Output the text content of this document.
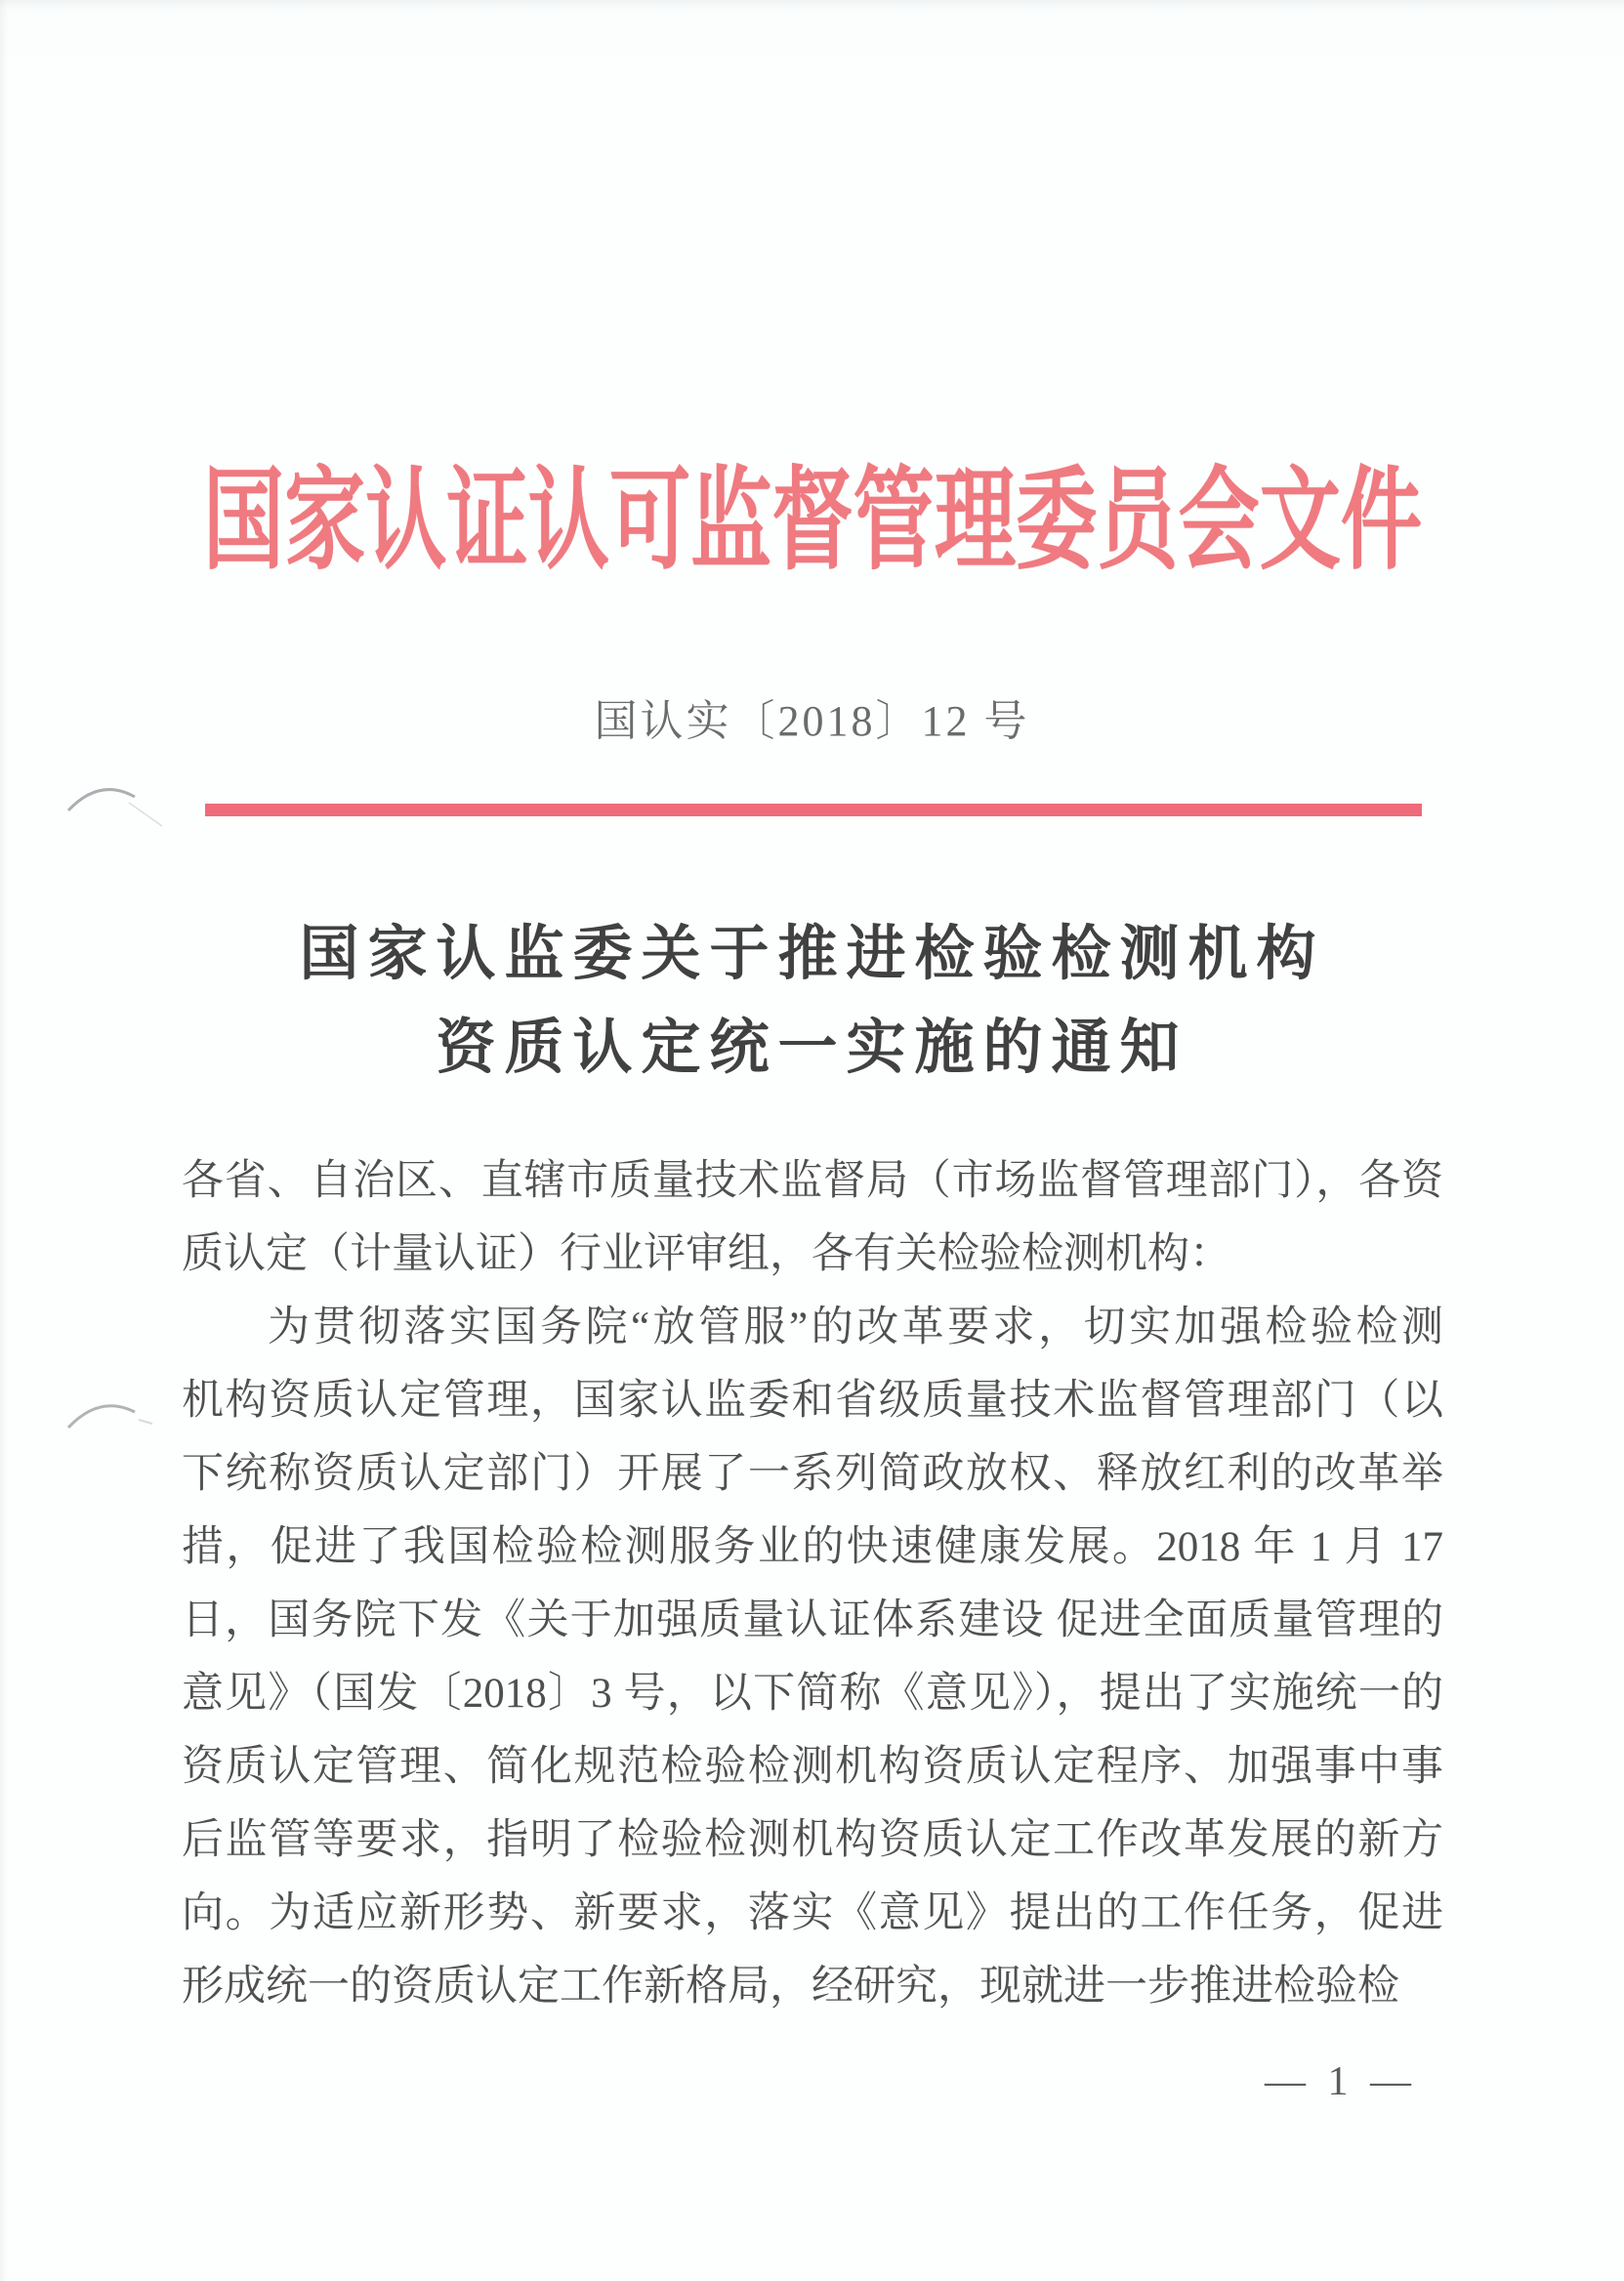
国家认证认可监督管理委员会文件
国认实〔2018〕12 号
国家认监委关于推进检验检测机构
资质认定统一实施的通知
各省、自治区、直辖市质量技术监督局（市场监督管理部门），各资
质认定（计量认证）行业评审组，各有关检验检测机构：
为贯彻落实国务院“放管服”的改革要求，切实加强检验检测
机构资质认定管理，国家认监委和省级质量技术监督管理部门（以
下统称资质认定部门）开展了一系列简政放权、释放红利的改革举
措，促进了我国检验检测服务业的快速健康发展。2018 年 1 月 17
日，国务院下发《关于加强质量认证体系建设 促进全面质量管理的
意见》（国发〔2018〕3 号，以下简称《意见》），提出了实施统一的
资质认定管理、简化规范检验检测机构资质认定程序、加强事中事
后监管等要求，指明了检验检测机构资质认定工作改革发展的新方
向。为适应新形势、新要求，落实《意见》提出的工作任务，促进
形成统一的资质认定工作新格局，经研究，现就进一步推进检验检
— 1 —
